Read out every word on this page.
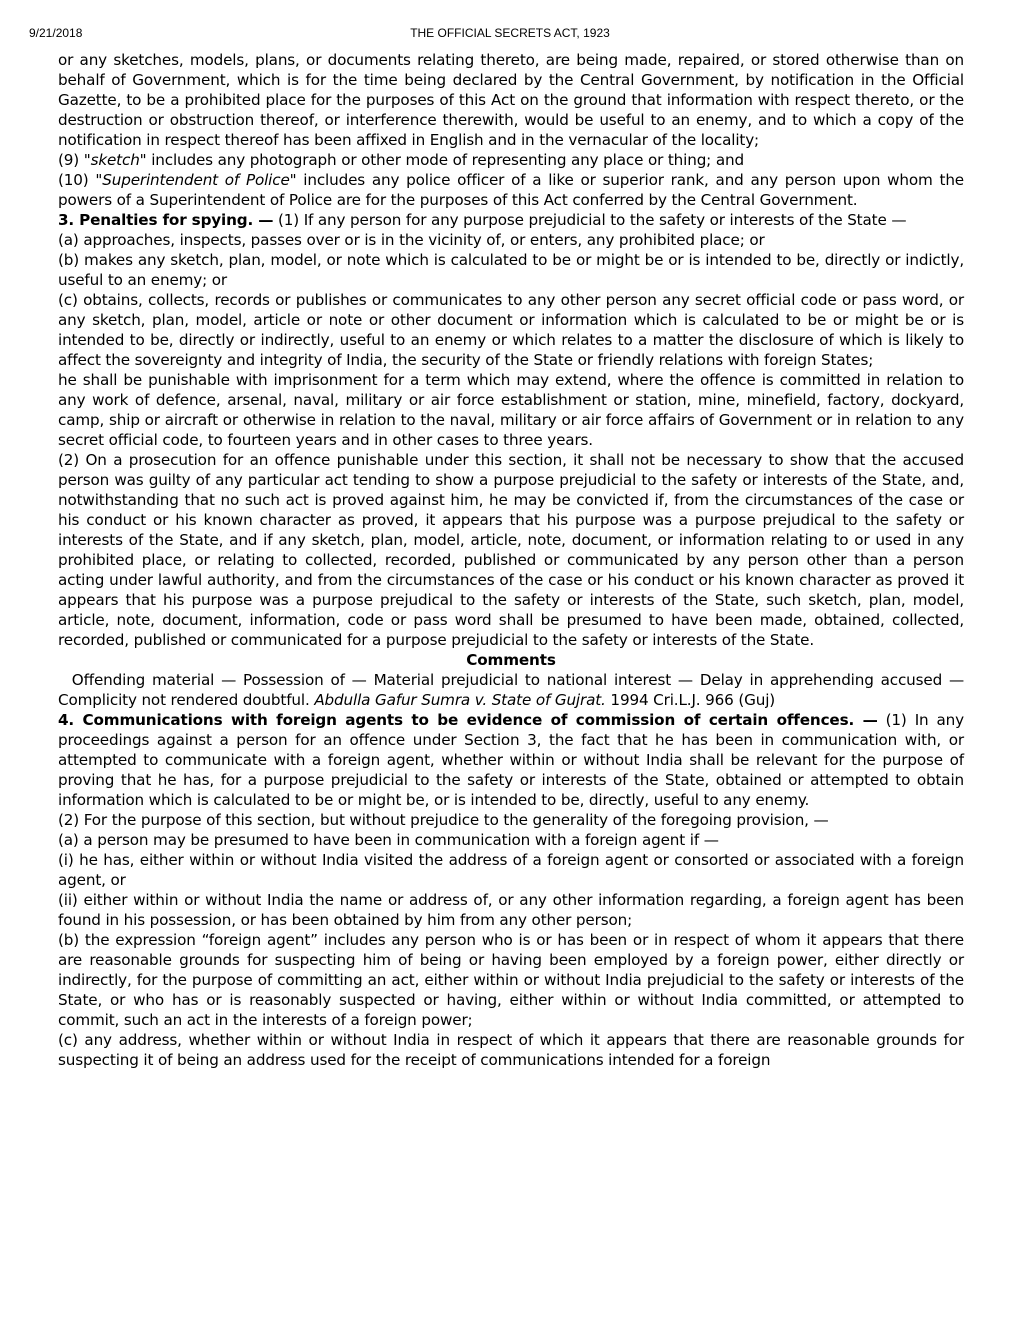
9/21/2018	THE OFFICIAL SECRETS ACT, 1923

or any sketches, models, plans, or documents relating thereto, are being made, repaired, or stored otherwise than on behalf of Government, which is for the time being declared by the Central Government, by notification in the Official Gazette, to be a prohibited place for the purposes of this Act on the ground that information with respect thereto, or the destruction or obstruction thereof, or interference therewith, would be useful to an enemy, and to which a copy of the notification in respect thereof has been affixed in English and in the vernacular of the locality;

(9) "sketch" includes any photograph or other mode of representing any place or thing; and

(10) "Superintendent of Police" includes any police officer of a like or superior rank, and any person upon whom the powers of a Superintendent of Police are for the purposes of this Act conferred by the Central Government.

3. Penalties for spying. — (1) If any person for any purpose prejudicial to the safety or interests of the State —

(a) approaches, inspects, passes over or is in the vicinity of, or enters, any prohibited place; or

(b) makes any sketch, plan, model, or note which is calculated to be or might be or is intended to be, directly or indictly, useful to an enemy; or

(c) obtains, collects, records or publishes or communicates to any other person any secret official code or pass word, or any sketch, plan, model, article or note or other document or information which is calculated to be or might be or is intended to be, directly or indirectly, useful to an enemy or which relates to a matter the disclosure of which is likely to affect the sovereignty and integrity of India, the security of the State or friendly relations with foreign States;

he shall be punishable with imprisonment for a term which may extend, where the offence is committed in relation to any work of defence, arsenal, naval, military or air force establishment or station, mine, minefield, factory, dockyard, camp, ship or aircraft or otherwise in relation to the naval, military or air force affairs of Government or in relation to any secret official code, to fourteen years and in other cases to three years.

(2) On a prosecution for an offence punishable under this section, it shall not be necessary to show that the accused person was guilty of any particular act tending to show a purpose prejudicial to the safety or interests of the State, and, notwithstanding that no such act is proved against him, he may be convicted if, from the circumstances of the case or his conduct or his known character as proved, it appears that his purpose was a purpose prejudical to the safety or interests of the State, and if any sketch, plan, model, article, note, document, or information relating to or used in any prohibited place, or relating to collected, recorded, published or communicated by any person other than a person acting under lawful authority, and from the circumstances of the case or his conduct or his known character as proved it appears that his purpose was a purpose prejudical to the safety or interests of the State, such sketch, plan, model, article, note, document, information, code or pass word shall be presumed to have been made, obtained, collected, recorded, published or communicated for a purpose prejudicial to the safety or interests of the State.

Comments

Offending material — Possession of — Material prejudicial to national interest — Delay in apprehending accused — Complicity not rendered doubtful. Abdulla Gafur Sumra v. State of Gujrat. 1994 Cri.L.J. 966 (Guj)

4. Communications with foreign agents to be evidence of commission of certain offences. — (1) In any proceedings against a person for an offence under Section 3, the fact that he has been in communication with, or attempted to communicate with a foreign agent, whether within or without India shall be relevant for the purpose of proving that he has, for a purpose prejudicial to the safety or interests of the State, obtained or attempted to obtain information which is calculated to be or might be, or is intended to be, directly, useful to any enemy.

(2) For the purpose of this section, but without prejudice to the generality of the foregoing provision, —

(a) a person may be presumed to have been in communication with a foreign agent if —

(i) he has, either within or without India visited the address of a foreign agent or consorted or associated with a foreign agent, or

(ii) either within or without India the name or address of, or any other information regarding, a foreign agent has been found in his possession, or has been obtained by him from any other person;

(b) the expression “foreign agent” includes any person who is or has been or in respect of whom it appears that there are reasonable grounds for suspecting him of being or having been employed by a foreign power, either directly or indirectly, for the purpose of committing an act, either within or without India prejudicial to the safety or interests of the State, or who has or is reasonably suspected or having, either within or without India committed, or attempted to commit, such an act in the interests of a foreign power;

(c) any address, whether within or without India in respect of which it appears that there are reasonable grounds for suspecting it of being an address used for the receipt of communications intended for a foreign
